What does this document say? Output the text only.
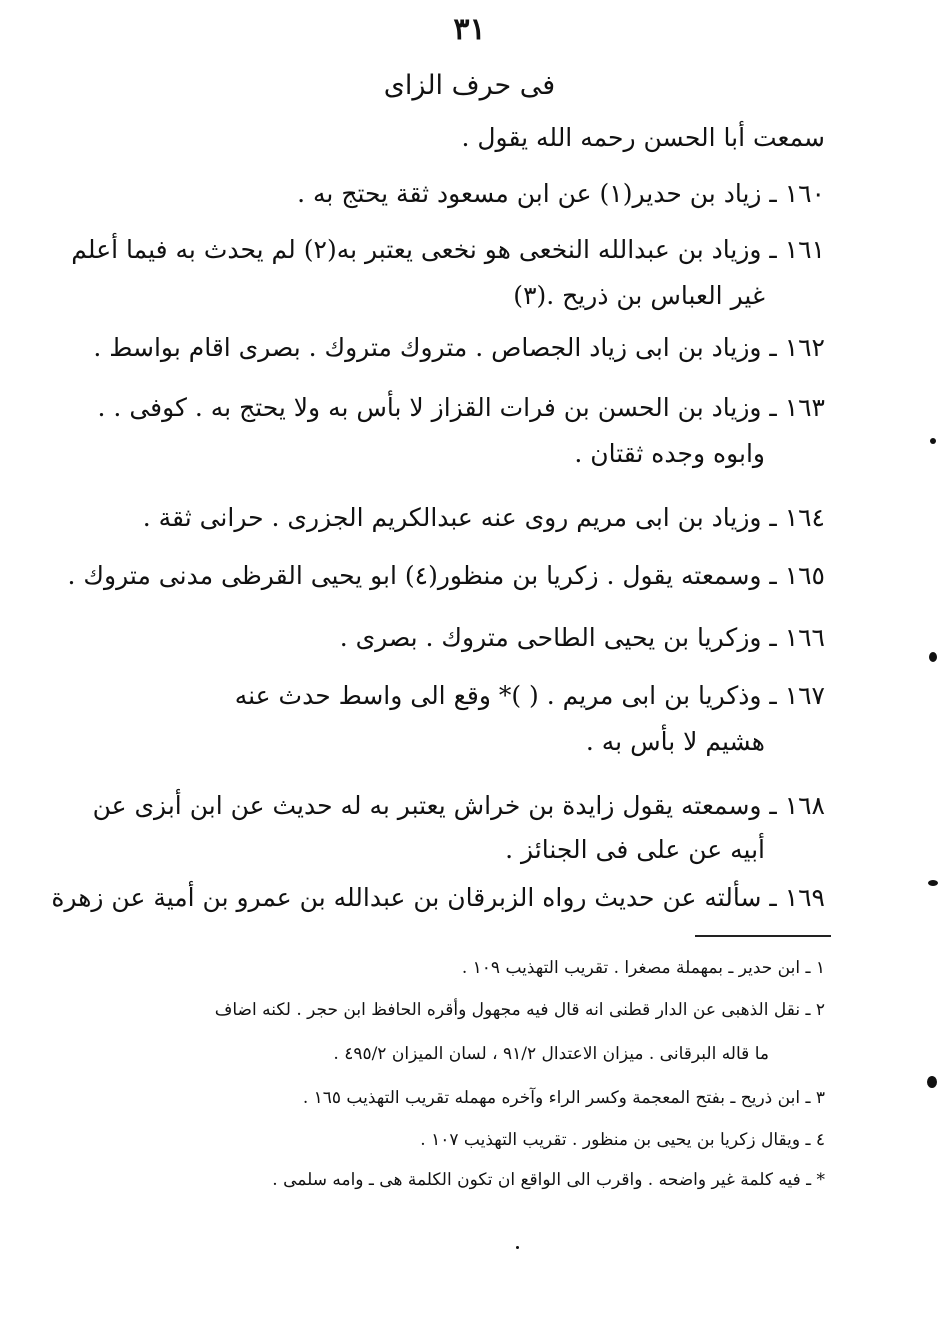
٣١
فى حرف الزاى
سمعت أبا الحسن رحمه الله يقول .
١٦٠ ـ زياد بن حدير(١) عن ابن مسعود ثقة يحتج به .
١٦١ ـ وزياد بن عبدالله النخعى هو نخعى يعتبر به(٢) لم يحدث به فيما أعلم
غير العباس بن ذريح .(٣)
١٦٢ ـ وزياد بن ابى زياد الجصاص . متروك متروك . بصرى اقام بواسط .
١٦٣ ـ وزياد بن الحسن بن فرات القزاز لا بأس به ولا يحتج به . كوفى . .
وابوه وجده ثقتان .
١٦٤ ـ وزياد بن ابى مريم روى عنه عبدالكريم الجزرى . حرانى ثقة .
١٦٥ ـ وسمعته يقول . زكريا بن منظور(٤) ابو يحيى القرظى مدنى متروك .
١٦٦ ـ وزكريا بن يحيى الطاحى متروك . بصرى .
١٦٧ ـ وذكريا بن ابى مريم . ( )* وقع الى واسط حدث عنه
هشيم لا بأس به .
١٦٨ ـ وسمعته يقول زايدة بن خراش يعتبر به له حديث عن ابن أبزى عن
أبيه عن على فى الجنائز .
١٦٩ ـ سألته عن حديث رواه الزبرقان بن عبدالله بن عمرو بن أمية عن زهرة
١ ـ ابن حدير ـ بمهملة مصغرا . تقريب التهذيب ١٠٩ .
٢ ـ نقل الذهبى عن الدار قطنى انه قال فيه مجهول وأقره الحافظ ابن حجر . لكنه اضاف
ما قاله البرقانى . ميزان الاعتدال ٩١/٢ ، لسان الميزان ٤٩٥/٢ .
٣ ـ ابن ذريح ـ بفتح المعجمة وكسر الراء وآخره مهمله تقريب التهذيب ١٦٥ .
٤ ـ ويقال زكريا بن يحيى بن منظور . تقريب التهذيب ١٠٧ .
* ـ فيه كلمة غير واضحه . واقرب الى الواقع ان تكون الكلمة هى ـ وامه سلمى .
